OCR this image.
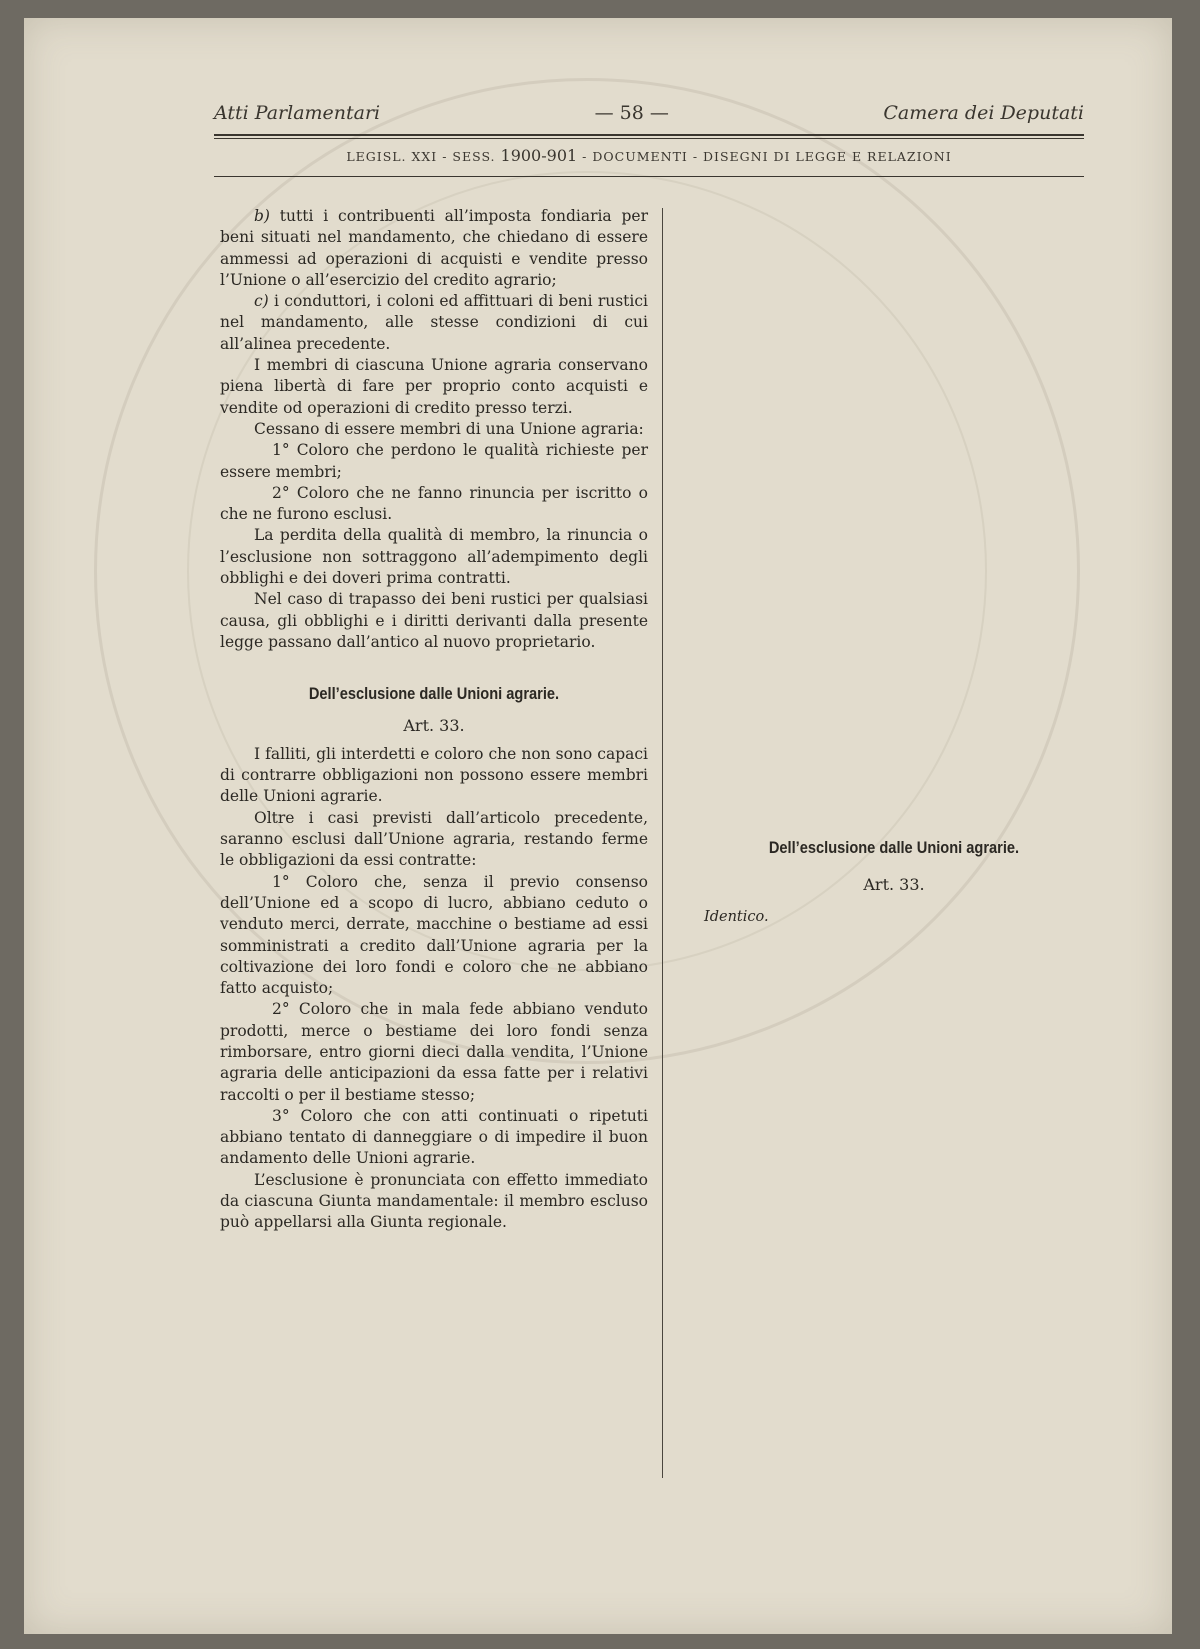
Atti Parlamentari	— 58 —	Camera dei Deputati
LEGISL. XXI - SESS. 1900-901 - DOCUMENTI - DISEGNI DI LEGGE E RELAZIONI

b) tutti i contribuenti all’imposta fondiaria per beni situati nel mandamento, che chiedano di essere ammessi ad operazioni di acquisti e vendite presso l’Unione o all’esercizio del credito agrario;

c) i conduttori, i coloni ed affittuari di beni rustici nel mandamento, alle stesse condizioni di cui all’alinea precedente.

I membri di ciascuna Unione agraria conservano piena libertà di fare per proprio conto acquisti e vendite od operazioni di credito presso terzi.

Cessano di essere membri di una Unione agraria:

1° Coloro che perdono le qualità richieste per essere membri;

2° Coloro che ne fanno rinuncia per iscritto o che ne furono esclusi.

La perdita della qualità di membro, la rinuncia o l’esclusione non sottraggono all’adempimento degli obblighi e dei doveri prima contratti.

Nel caso di trapasso dei beni rustici per qualsiasi causa, gli obblighi e i diritti derivanti dalla presente legge passano dall’antico al nuovo proprietario.

Dell’esclusione dalle Unioni agrarie.

Art. 33.

I falliti, gli interdetti e coloro che non sono capaci di contrarre obbligazioni non possono essere membri delle Unioni agrarie.

Oltre i casi previsti dall’articolo precedente, saranno esclusi dall’Unione agraria, restando ferme le obbligazioni da essi contratte:

1° Coloro che, senza il previo consenso dell’Unione ed a scopo di lucro, abbiano ceduto o venduto merci, derrate, macchine o bestiame ad essi somministrati a credito dall’Unione agraria per la coltivazione dei loro fondi e coloro che ne abbiano fatto acquisto;

2° Coloro che in mala fede abbiano venduto prodotti, merce o bestiame dei loro fondi senza rimborsare, entro giorni dieci dalla vendita, l’Unione agraria delle anticipazioni da essa fatte per i relativi raccolti o per il bestiame stesso;

3° Coloro che con atti continuati o ripetuti abbiano tentato di danneggiare o di impedire il buon andamento delle Unioni agrarie.

L’esclusione è pronunciata con effetto immediato da ciascuna Giunta mandamentale: il membro escluso può appellarsi alla Giunta regionale.

Dell’esclusione dalle Unioni agrarie.

Art. 33.

Identico.
